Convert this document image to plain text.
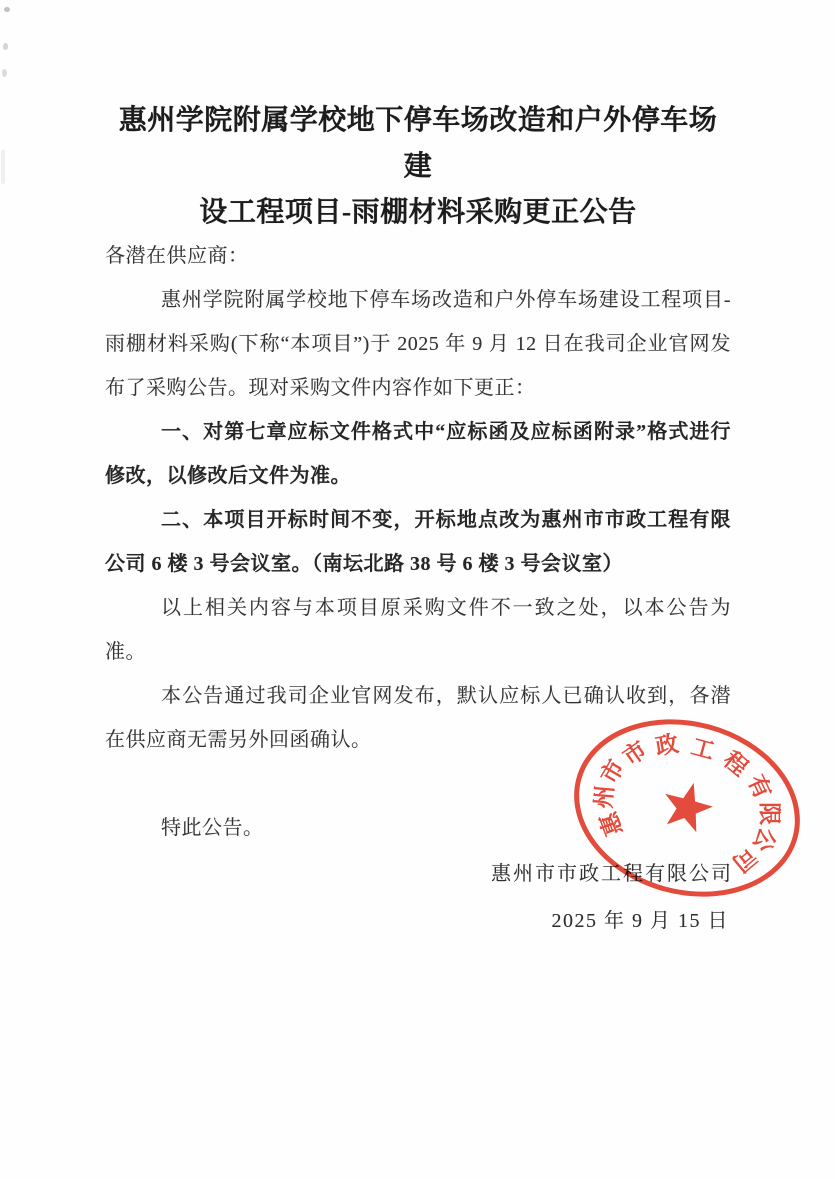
惠州学院附属学校地下停车场改造和户外停车场建
设工程项目-雨棚材料采购更正公告

各潜在供应商：

惠州学院附属学校地下停车场改造和户外停车场建设工程项目-雨棚材料采购(下称“本项目”)于 2025 年 9 月 12 日在我司企业官网发布了采购公告。现对采购文件内容作如下更正：

一、对第七章应标文件格式中“应标函及应标函附录”格式进行修改，以修改后文件为准。

二、本项目开标时间不变，开标地点改为惠州市市政工程有限公司 6 楼 3 号会议室。（南坛北路 38 号 6 楼 3 号会议室）

以上相关内容与本项目原采购文件不一致之处，以本公告为准。

本公告通过我司企业官网发布，默认应标人已确认收到，各潜在供应商无需另外回函确认。

特此公告。

惠州市市政工程有限公司
2025 年 9 月 15 日
惠
州
市
市 政 工 程
有
限
公
司
